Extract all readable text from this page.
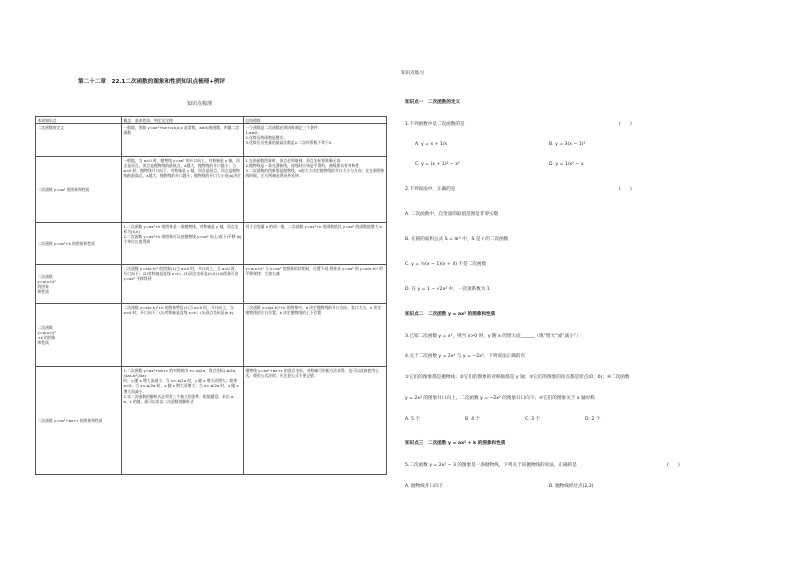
第二十二章　22.1二次函数的图象和性质知识点梳理+例评
知识点梳理
本周知识点	概念、基本性质、判定及定理	总结精炼
二次函数的定义	一般地，形如 y=ax²+bx+c(a,b,c 是常数，a≠0)的函数，叫做二次函数	一个函数是二次函数必须同时满足三个条件：
1.a≠0；
2.化简后的函数是整式；
3.化简后自变量的最高次数是2.二次项系数不等于0.
二次函数 y=ax² 的图象和性质	一般地，当 a>0 时，抛物线 y=ax² 的开口向上，对称轴是 y 轴，顶点是原点，顶点是抛物线的最低点，a越大，抛物线的开口越小；当 a<0 时，抛物线开口向下，对称轴是 y 轴，顶点是原点，顶点是抛物线的最高点，a越大，抛物线的开口越小；抛物线的开口大小由|a|决定	1.在画函数图象时，顶点必须取到，顶点坐标要准确无误.
2.抛物线是一条光滑曲线，连线时应该是平滑的，曲线要具有对称性.
3.二次函数的图象都是抛物线，a的大小决定抛物线的开口大小与方向；在在画图象的时候，左右两端必须向外延伸.
二次函数 y=ax²+k 的图象和性质	1.二次函数 y=ax²+k 的图象是一条抛物线，对称轴是 y 轴，顶点坐标为(0,k)
2.二次函数 y=ax²+k 的图象可以由抛物线 y=ax² 向上(或下)平移 |k| 个单位长度得到	对于自变量 x 的同一值，二次函数 y=ax²+k 的函数值比 y=ax² 的函数值增大 k.
二次函数
y=a(x-h)²
的图象
和性质	二次函数 y=a(x-h)² 的图象(1)当 a>0 时，开口向上，当 a<0 时，开口向下；(2)对称轴是直线 x=h；(3)顶点坐标是(h,0).(4)图象可由 y=ax² 平移得到	y=a(x-h)² 与 y=ax² 的图象形状相同，位置不同.图象从 y=ax² 到 y=a(x-h)² 的平移规律：左加右减
二次函数
y=a(x-h)²
+k 的图象
和性质	二次函数 y=a(x-h)²+k 的图象特征(1)当 a>0 时，开口向上，当 a<0 时，开口向下；(2)对称轴是直线 x=h；(3)顶点坐标是(h,k).	二次函数 y=a(x-h)²+k 的图象中，a 决定抛物线的开口方向、张口大小，h 决定抛物线的左右位置，k 决定抛物线的上下位置
二次函数 y=ax²+bx+c 的图象和性质	1.二次函数 y=ax²+bx+c 的对称轴为 x=-b/2a，顶点坐标(-b/2a, (4ac-b²)/4a)
时，y 随 x 增大而减小；当 x>-b/2a 时，y 随 x 增大而增大；如果 a<0，当 x<-b/2a 时，y 随 x 增大而增大；当 x>-b/2a 时，y 随 x 增大而减小.
2.求二次函数的解析式必须有三个独立的条件，根据题意，求出 a、b、c 的值，就可以求出二次函数的解析式	抛物线 y=ax²+bx+c 的顶点坐标、对称轴可用配方法求得，也可以直接套用公式，使用公式法时，应注意公式不要记错.
知识点练习
知识点一　二次函数的定义
1.下列函数中是二次函数的是	(　　)
A. y = x + 1/x	B. y = 3(x − 1)²
C. y = (x + 1)² − x²	D. y = 1/x² − x
2.下列说法中，正确的是	(　　)
A. 二次函数中，自变量的取值范围是非零实数
B. 在圆的面积公式 S = πr² 中，S 是 r 的二次函数
C. y = ½(x − 1)(x + 4) 不是二次函数
D. 在 y = 1 − √2x² 中，一次项系数为 1
知识点二　二次函数 y = ax² 的图象和性质
3.已知二次函数 y = x²，则当 x>0 时，y 随 x 的增大而______（填“增大”或“减小”）
4.关于二次函数 y = 2x² 与 y = −2x²，下列说法正确的有
①它们的图象都是抛物线；②它们的图象的对称轴都是 y 轴；③它们的图象的顶点都是原点(0，0)；④二次函数
y = 2x² 的图象开口向上，二次函数 y = −2x² 的图象开口向下；⑤它们的图象关于 x 轴对称
A. 5 个	B. 4 个	C. 3 个	D. 2 个
知识点三　二次函数 y = ax² + k 的图象和性质
5.二次函数 y = 2x² − 3 的图象是一条抛物线，下列关于该抛物线的说法，正确的是	(　　)
A. 抛物线开口向下	B. 抛物线经过点(2,3)
